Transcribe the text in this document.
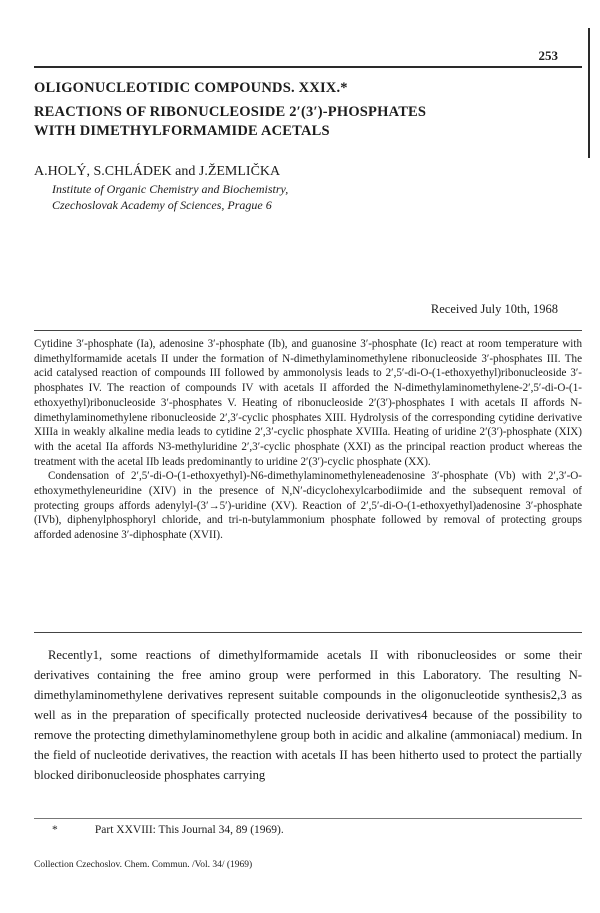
253
OLIGONUCLEOTIDIC COMPOUNDS. XXIX.*
REACTIONS OF RIBONUCLEOSIDE 2′(3′)-PHOSPHATES
WITH DIMETHYLFORMAMIDE ACETALS
A.HOLÝ, S.CHLÁDEK and J.ŽEMLIČKA
Institute of Organic Chemistry and Biochemistry,
Czechoslovak Academy of Sciences, Prague 6
Received July 10th, 1968

Cytidine 3′-phosphate (Ia), adenosine 3′-phosphate (Ib), and guanosine 3′-phosphate (Ic) react at room temperature with dimethylformamide acetals II under the formation of N-dimethylaminomethylene ribonucleoside 3′-phosphates III. The acid catalysed reaction of compounds III followed by ammonolysis leads to 2′,5′-di-O-(1-ethoxyethyl)ribonucleoside 3′-phosphates IV. The reaction of compounds IV with acetals II afforded the N-dimethylaminomethylene-2′,5′-di-O-(1-ethoxyethyl)ribonucleoside 3′-phosphates V. Heating of ribonucleoside 2′(3′)-phosphates I with acetals II affords N-dimethylaminomethylene ribonucleoside 2′,3′-cyclic phosphates XIII. Hydrolysis of the corresponding cytidine derivative XIIIa in weakly alkaline media leads to cytidine 2′,3′-cyclic phosphate XVIIIa. Heating of uridine 2′(3′)-phosphate (XIX) with the acetal IIa affords N3-methyluridine 2′,3′-cyclic phosphate (XXI) as the principal reaction product whereas the treatment with the acetal IIb leads predominantly to uridine 2′(3′)-cyclic phosphate (XX).

Condensation of 2′,5′-di-O-(1-ethoxyethyl)-N6-dimethylaminomethyleneadenosine 3′-phosphate (Vb) with 2′,3′-O-ethoxymethyleneuridine (XIV) in the presence of N,N′-dicyclohexylcarbodiimide and the subsequent removal of protecting groups affords adenylyl-(3′→5′)-uridine (XV). Reaction of 2′,5′-di-O-(1-ethoxyethyl)adenosine 3′-phosphate (IVb), diphenylphosphoryl chloride, and tri-n-butylammonium phosphate followed by removal of protecting groups afforded adenosine 3′-diphosphate (XVII).

Recently1, some reactions of dimethylformamide acetals II with ribonucleosides or some their derivatives containing the free amino group were performed in this Laboratory. The resulting N-dimethylaminomethylene derivatives represent suitable compounds in the oligonucleotide synthesis2,3 as well as in the preparation of specifically protected nucleoside derivatives4 because of the possibility to remove the protecting dimethylaminomethylene group both in acidic and alkaline (ammoniacal) medium. In the field of nucleotide derivatives, the reaction with acetals II has been hitherto used to protect the partially blocked diribonucleoside phosphates carrying

*	Part XXVIII: This Journal 34, 89 (1969).
Collection Czechoslov. Chem. Commun. /Vol. 34/ (1969)
